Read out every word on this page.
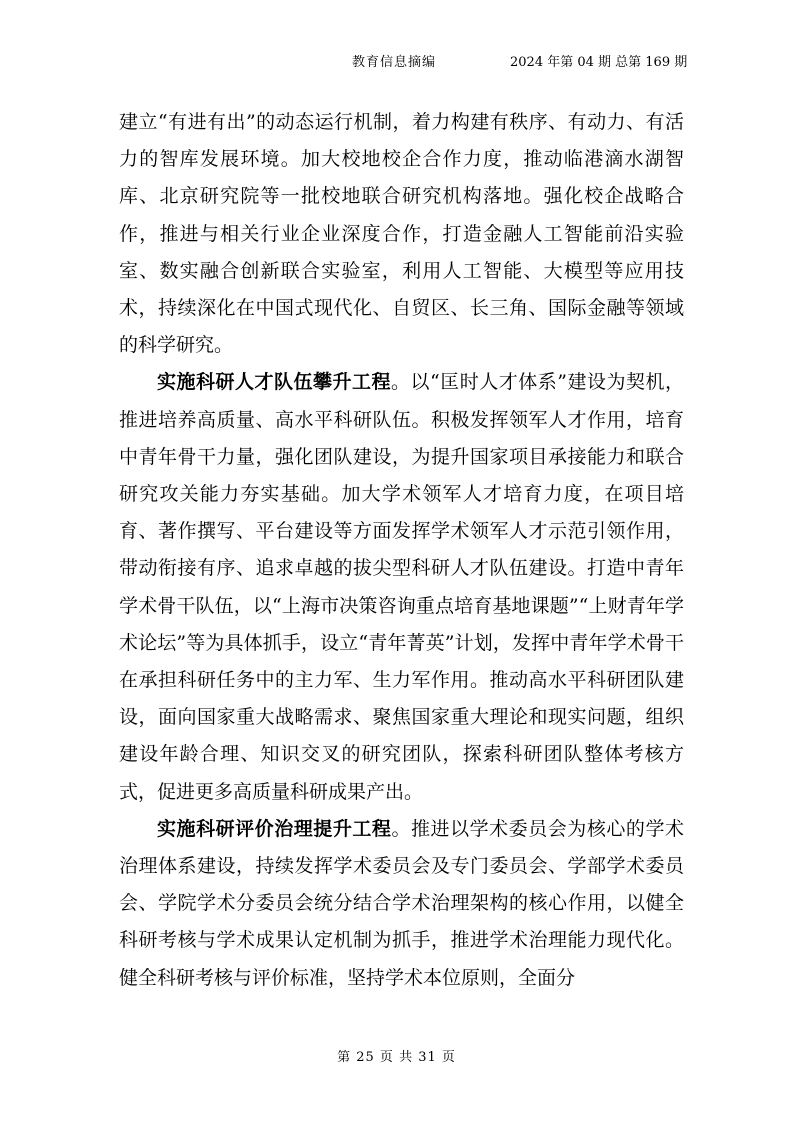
教育信息摘编	2024 年第 04 期 总第 169 期

建立“有进有出”的动态运行机制，着力构建有秩序、有动力、有活力的智库发展环境。加大校地校企合作力度，推动临港滴水湖智库、北京研究院等一批校地联合研究机构落地。强化校企战略合作，推进与相关行业企业深度合作，打造金融人工智能前沿实验室、数实融合创新联合实验室，利用人工智能、大模型等应用技术，持续深化在中国式现代化、自贸区、长三角、国际金融等领域的科学研究。

实施科研人才队伍攀升工程。以“匡时人才体系”建设为契机，推进培养高质量、高水平科研队伍。积极发挥领军人才作用，培育中青年骨干力量，强化团队建设，为提升国家项目承接能力和联合研究攻关能力夯实基础。加大学术领军人才培育力度，在项目培育、著作撰写、平台建设等方面发挥学术领军人才示范引领作用，带动衔接有序、追求卓越的拔尖型科研人才队伍建设。打造中青年学术骨干队伍，以“上海市决策咨询重点培育基地课题”“上财青年学术论坛”等为具体抓手，设立“青年菁英”计划，发挥中青年学术骨干在承担科研任务中的主力军、生力军作用。推动高水平科研团队建设，面向国家重大战略需求、聚焦国家重大理论和现实问题，组织建设年龄合理、知识交叉的研究团队，探索科研团队整体考核方式，促进更多高质量科研成果产出。

实施科研评价治理提升工程。推进以学术委员会为核心的学术治理体系建设，持续发挥学术委员会及专门委员会、学部学术委员会、学院学术分委员会统分结合学术治理架构的核心作用，以健全科研考核与学术成果认定机制为抓手，推进学术治理能力现代化。健全科研考核与评价标准，坚持学术本位原则，全面分

第 25 页 共 31 页
